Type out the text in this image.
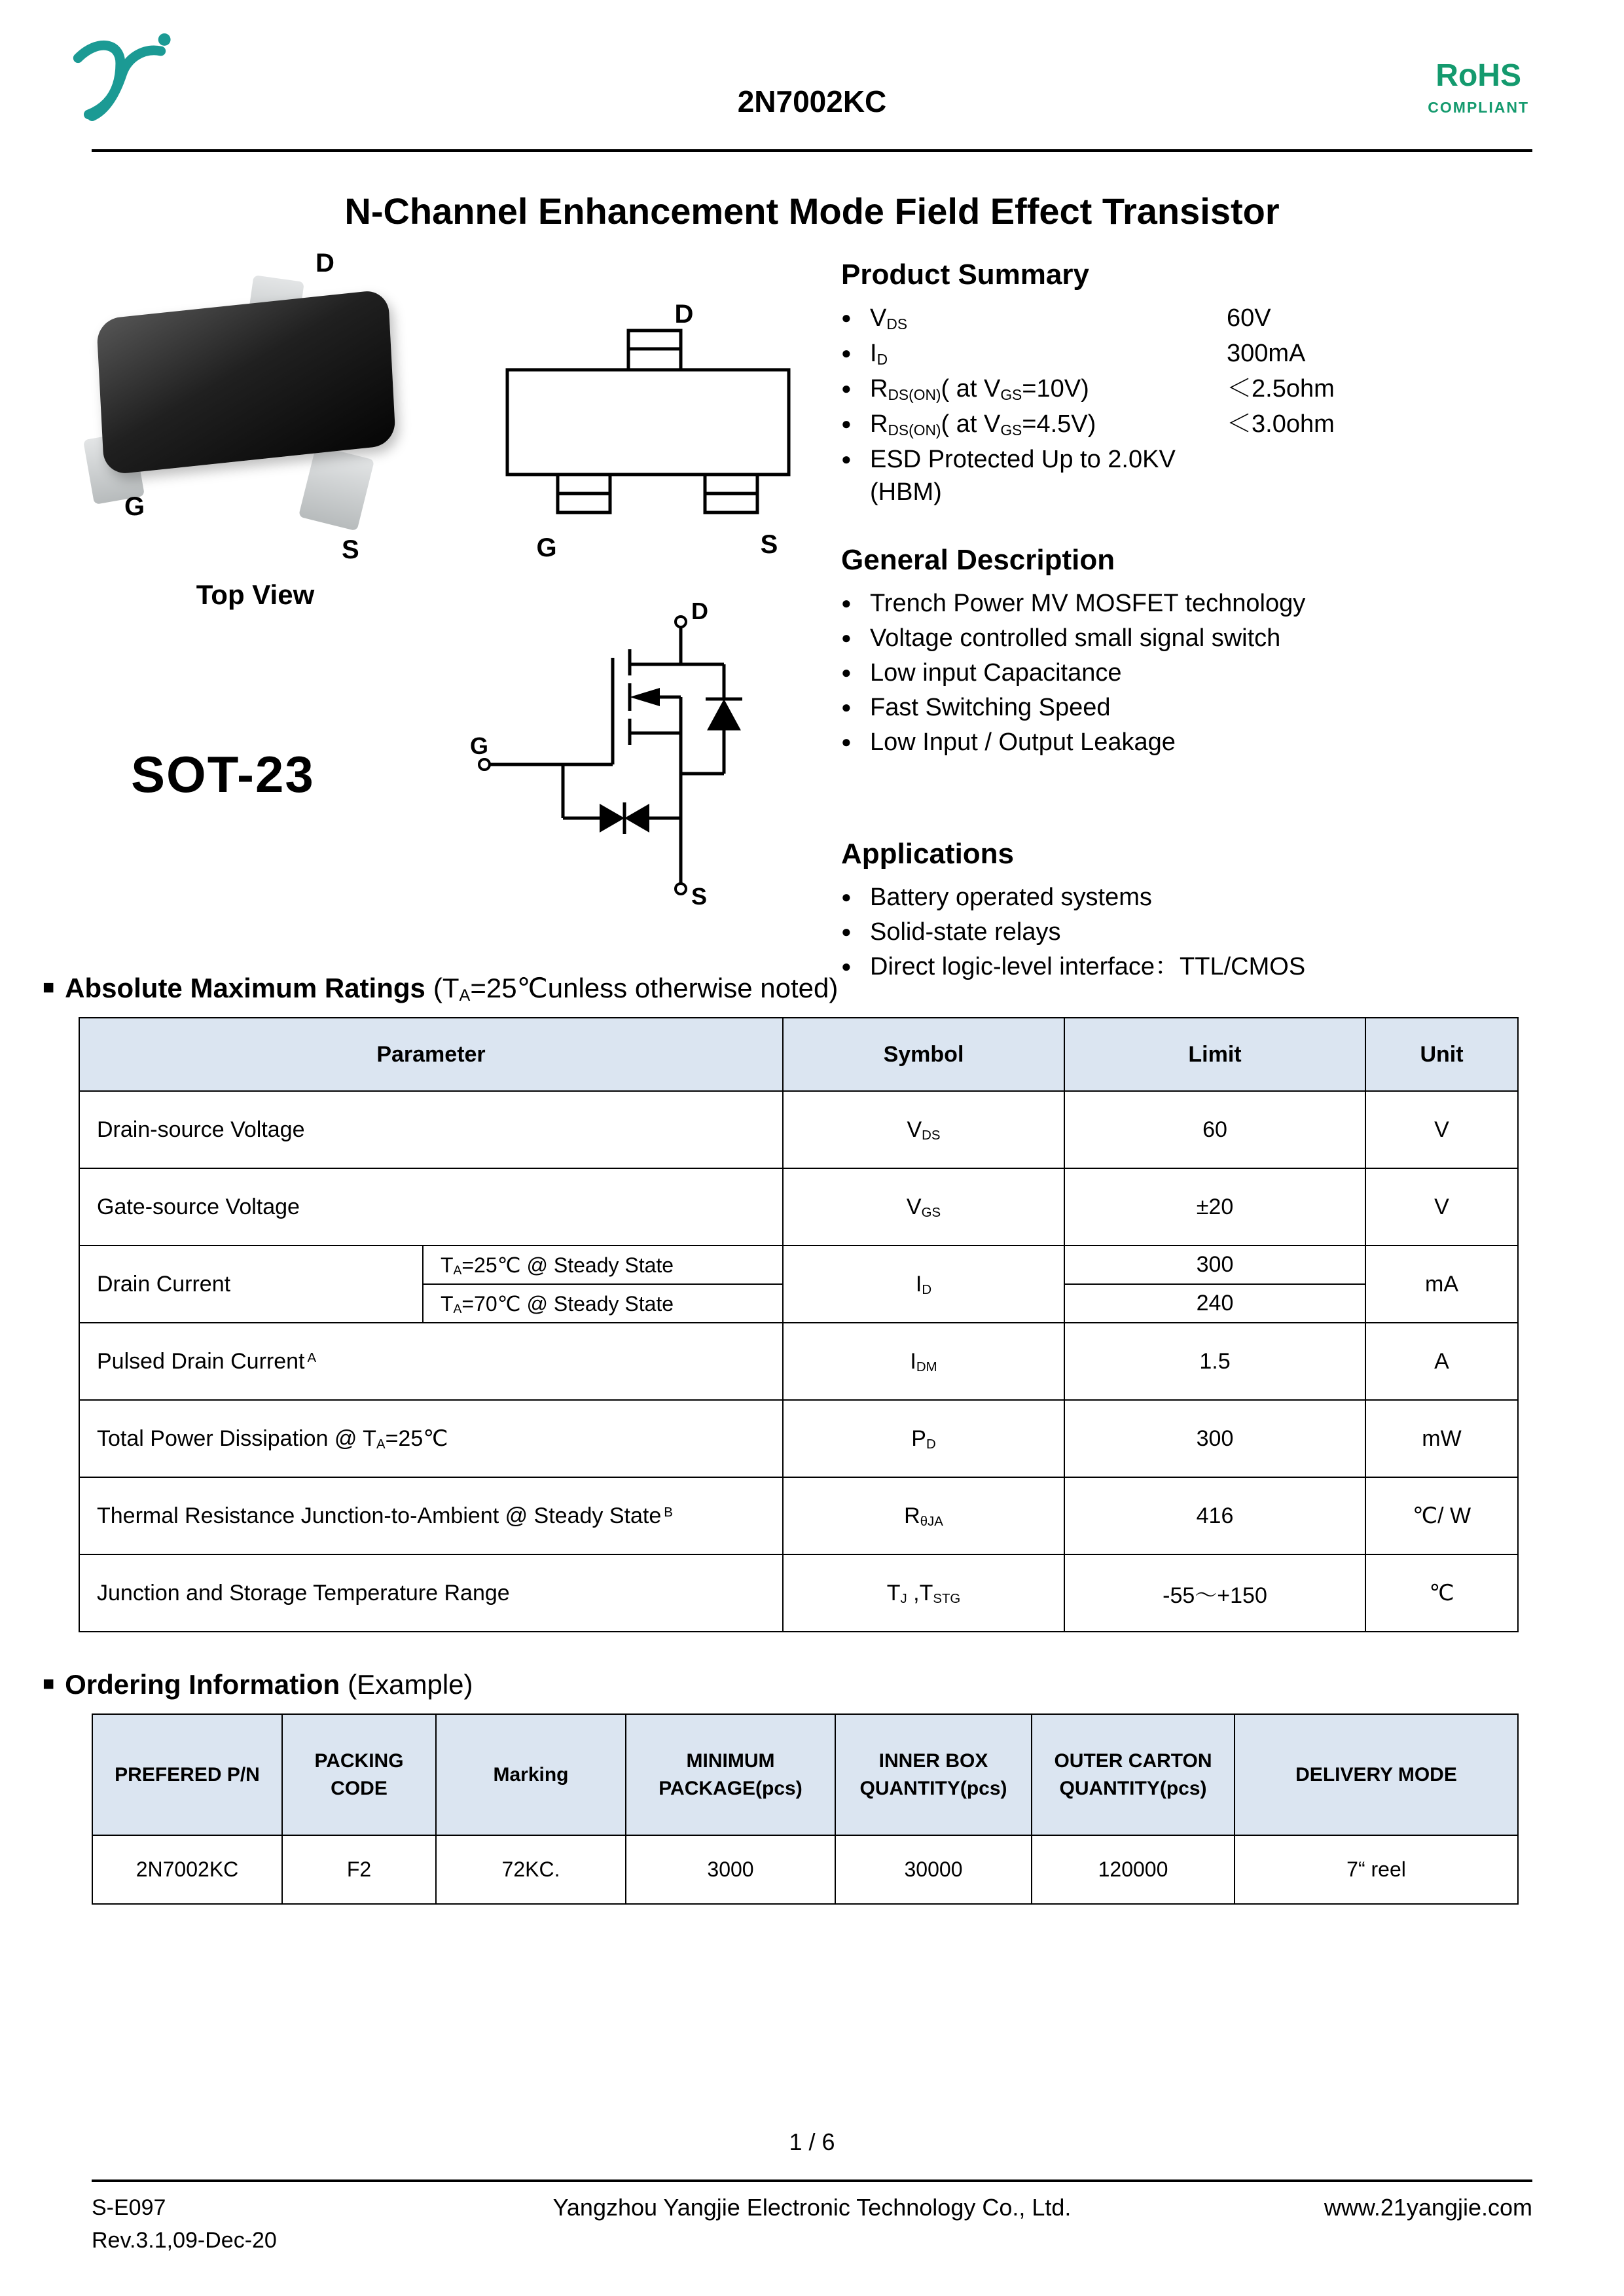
2N7002KC
RoHS
COMPLIANT
N-Channel Enhancement Mode Field Effect Transistor
D
G
S
Top View
D
G	S
SOT-23
D
G
S
Product Summary
● $V_{DS}$	60V
● $I_D$	300mA
● $R_{DS(ON)}$( at $V_{GS}=10V$)	＜2.5ohm
● $R_{DS(ON)}$( at $V_{GS}=4.5V$)	＜3.0ohm
● ESD Protected Up to 2.0KV (HBM)
General Description
● Trench Power MV MOSFET technology
● Voltage controlled small signal switch
● Low input Capacitance
● Fast Switching Speed
● Low Input / Output Leakage
Applications
● Battery operated systems
● Solid-state relays
● Direct logic-level interface：TTL/CMOS
■ Absolute Maximum Ratings ($T_A=25℃unless$ otherwise noted)
Parameter		Symbol	Limit	Unit
Drain-source Voltage		$V_{DS}$	60	V
Gate-source Voltage		$V_{GS}$	±20	V
Drain Current	$T_A=25℃$ @ Steady State	$I_D$	300	mA
	$T_A=70℃$ @ Steady State		240	
Pulsed Drain Current $^A$		$I_{DM}$	1.5	A
Total Power Dissipation @ $T_A=25℃$		$P_D$	300	mW
Thermal Resistance Junction-to-Ambient @ Steady State $^B$		$R_{\theta JA}$	416	℃/ W
Junction and Storage Temperature Range		$T_J$ $,T_{STG}$	-55～+150	℃
■ Ordering Information (Example)
PREFERED P/N	PACKING CODE	Marking	MINIMUM PACKAGE(pcs)	INNER BOX QUANTITY(pcs)	OUTER CARTON QUANTITY(pcs)	DELIVERY MODE
2N7002KC	F2	72KC.	3000	30000	120000	7“ reel
1 / 6
S-E097
Rev.3.1,09-Dec-20
Yangzhou Yangjie Electronic Technology Co., Ltd.	www.21yangjie.com
